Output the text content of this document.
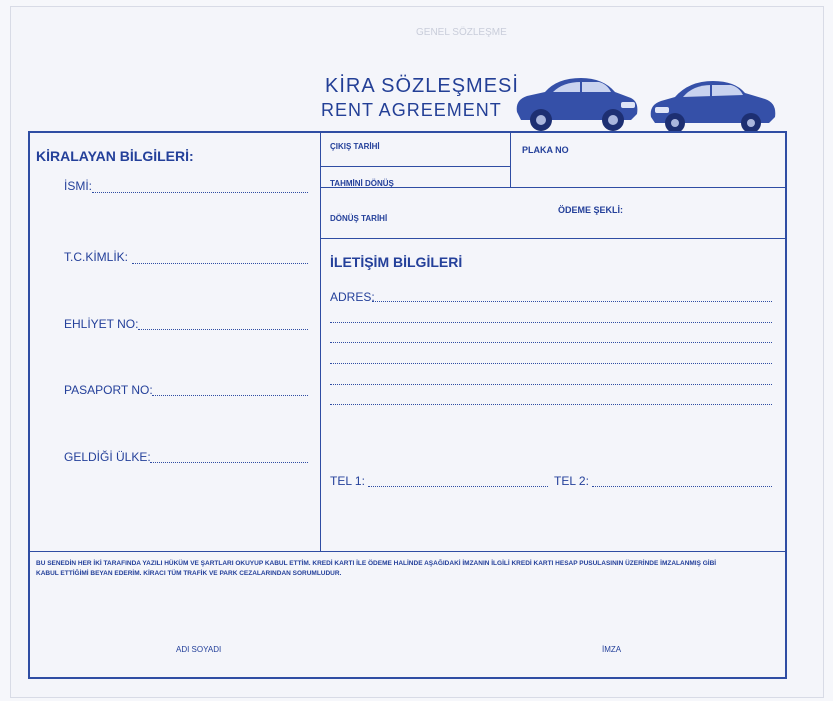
GENEL SÖZLEŞME
KİRA SÖZLEŞMESİ
RENT AGREEMENT
KİRALAYAN BİLGİLERİ:
İSMİ:
T.C.KİMLİK:
EHLİYET NO:
PASAPORT NO:
GELDİĞİ ÜLKE:
ÇIKIŞ TARİHİ	PLAKA NO
TAHMİNİ DÖNÜŞ
DÖNÜŞ TARİHİ
ÖDEME ŞEKLİ:
İLETİŞİM BİLGİLERİ
ADRES:
TEL 1:	TEL 2:
BU SENEDİN HER İKİ TARAFINDA YAZILI HÜKÜM VE ŞARTLARI OKUYUP KABUL ETTİM. KREDİ KARTI İLE ÖDEME HALİNDE AŞAĞIDAKİ İMZANIN İLGİLİ KREDİ KARTI HESAP PUSULASININ ÜZERİNDE İMZALANMIŞ GİBİ KABUL ETTİĞİMİ BEYAN EDERİM. KİRACI TÜM TRAFİK VE PARK CEZALARINDAN SORUMLUDUR.
ADI SOYADI	İMZA
